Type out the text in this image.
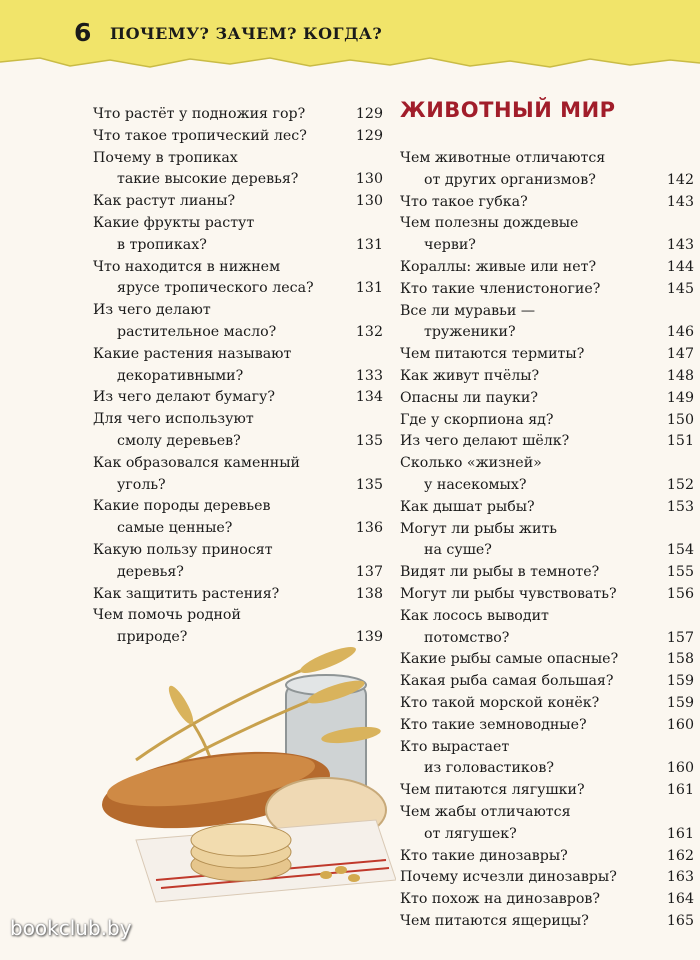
6 ПОЧЕМУ? ЗАЧЕМ? КОГДА?
ЖИВОТНЫЙ МИР
Что растёт у подножия гор?	129
Что такое тропический лес?	129
Почему в тропиках
такие высокие деревья?	130
Как растут лианы?	130
Какие фрукты растут
в тропиках?	131
Что находится в нижнем
ярусе тропического леса?	131
Из чего делают
растительное масло?	132
Какие растения называют
декоративными?	133
Из чего делают бумагу?	134
Для чего используют
смолу деревьев?	135
Как образовался каменный
уголь?	135
Какие породы деревьев
самые ценные?	136
Какую пользу приносят
деревья?	137
Как защитить растения?	138
Чем помочь родной
природе?	139
Чем животные отличаются
от других организмов?	142
Что такое губка?	143
Чем полезны дождевые
черви?	143
Кораллы: живые или нет?	144
Кто такие членистоногие?	145
Все ли муравьи —
труженики?	146
Чем питаются термиты?	147
Как живут пчёлы?	148
Опасны ли пауки?	149
Где у скорпиона яд?	150
Из чего делают шёлк?	151
Сколько «жизней»
у насекомых?	152
Как дышат рыбы?	153
Могут ли рыбы жить
на суше?	154
Видят ли рыбы в темноте?	155
Могут ли рыбы чувствовать?	156
Как лосось выводит
потомство?	157
Какие рыбы самые опасные?	158
Какая рыба самая большая?	159
Кто такой морской конёк?	159
Кто такие земноводные?	160
Кто вырастает
из головастиков?	160
Чем питаются лягушки?	161
Чем жабы отличаются
от лягушек?	161
Кто такие динозавры?	162
Почему исчезли динозавры?	163
Кто похож на динозавров?	164
Чем питаются ящерицы?	165
bookclub.by
